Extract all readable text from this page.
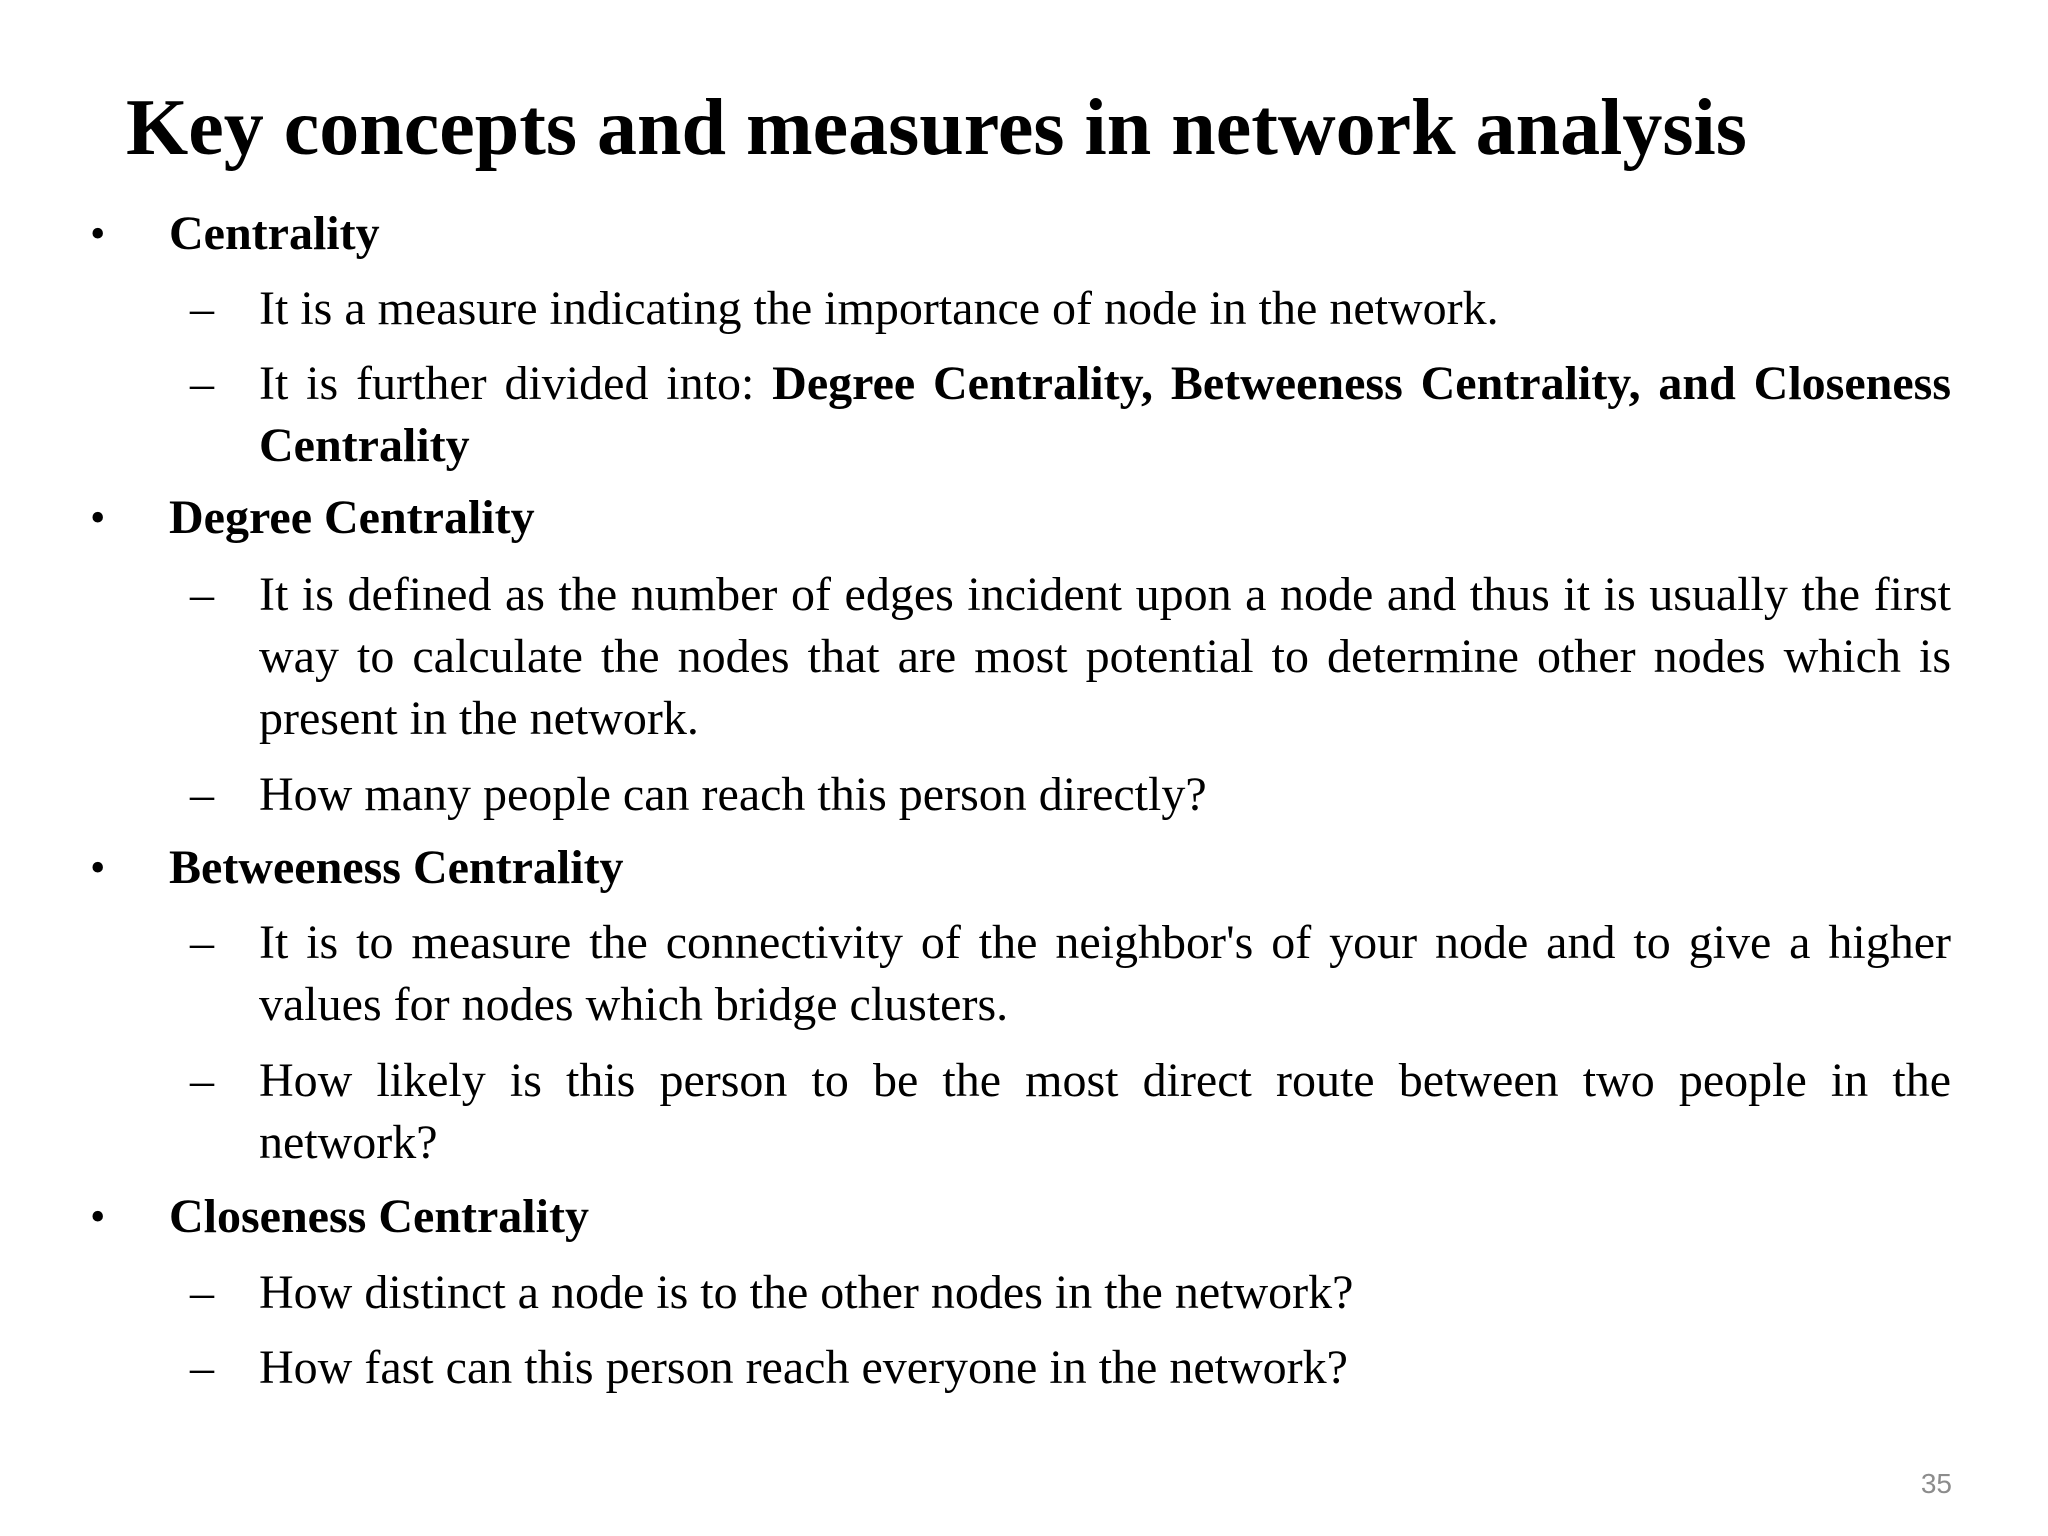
Key concepts and measures in network analysis
• Centrality
– It is a measure indicating the importance of node in the network.
– It is further divided into: Degree Centrality, Betweeness Centrality, and Closeness Centrality
• Degree Centrality
– It is defined as the number of edges incident upon a node and thus it is usually the first way to calculate the nodes that are most potential to determine other nodes which is present in the network.
– How many people can reach this person directly?
• Betweeness Centrality
– It is to measure the connectivity of the neighbor's of your node and to give a higher values for nodes which bridge clusters.
– How likely is this person to be the most direct route between two people in the network?
• Closeness Centrality
– How distinct a node is to the other nodes in the network?
– How fast can this person reach everyone in the network?
35
